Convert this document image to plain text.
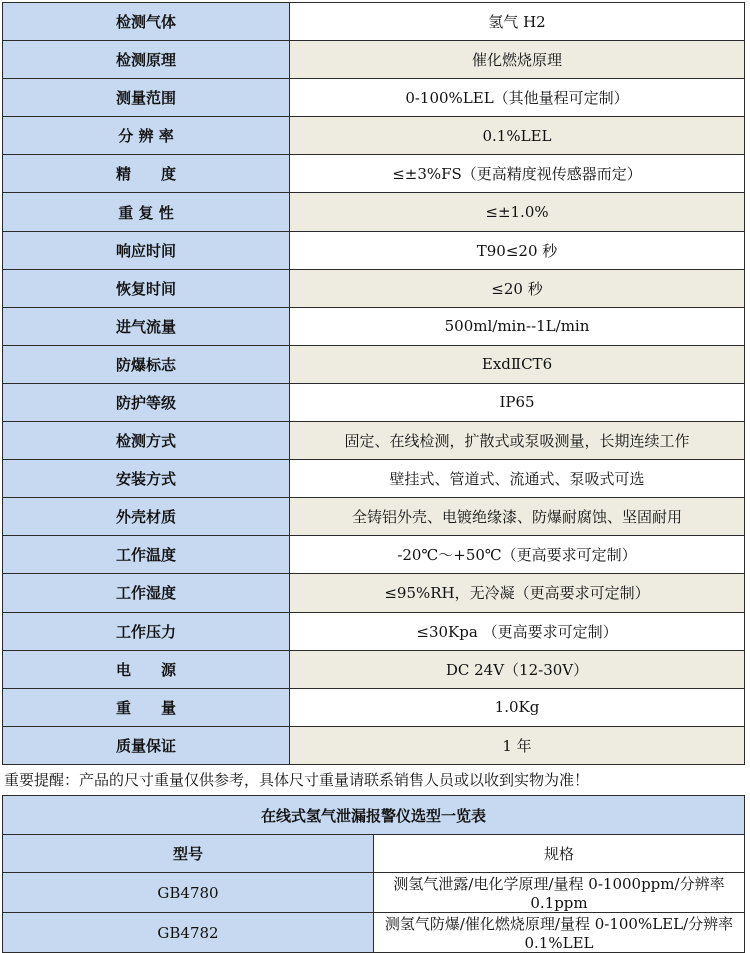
检测气体	氢气 H2
检测原理	催化燃烧原理
测量范围	0-100%LEL（其他量程可定制）
分 辨 率	0.1%LEL
精　　度	≤±3%FS（更高精度视传感器而定）
重 复 性	≤±1.0%
响应时间	T90≤20 秒
恢复时间	≤20 秒
进气流量	500ml/min--1L/min
防爆标志	ExdⅡCT6
防护等级	IP65
检测方式	固定、在线检测，扩散式或泵吸测量，长期连续工作
安装方式	壁挂式、管道式、流通式、泵吸式可选
外壳材质	全铸铝外壳、电镀绝缘漆、防爆耐腐蚀、坚固耐用
工作温度	-20℃～+50℃（更高要求可定制）
工作湿度	≤95%RH，无冷凝（更高要求可定制）
工作压力	≤30Kpa （更高要求可定制）
电　　源	DC 24V（12-30V）
重　　量	1.0Kg
质量保证	1 年
重要提醒：产品的尺寸重量仅供参考，具体尺寸重量请联系销售人员或以收到实物为准！
在线式氢气泄漏报警仪选型一览表	
型号	规格
GB4780	测氢气泄露/电化学原理/量程 0-1000ppm/分辨率 0.1ppm
GB4782	测氢气防爆/催化燃烧原理/量程 0-100%LEL/分辨率 0.1%LEL
